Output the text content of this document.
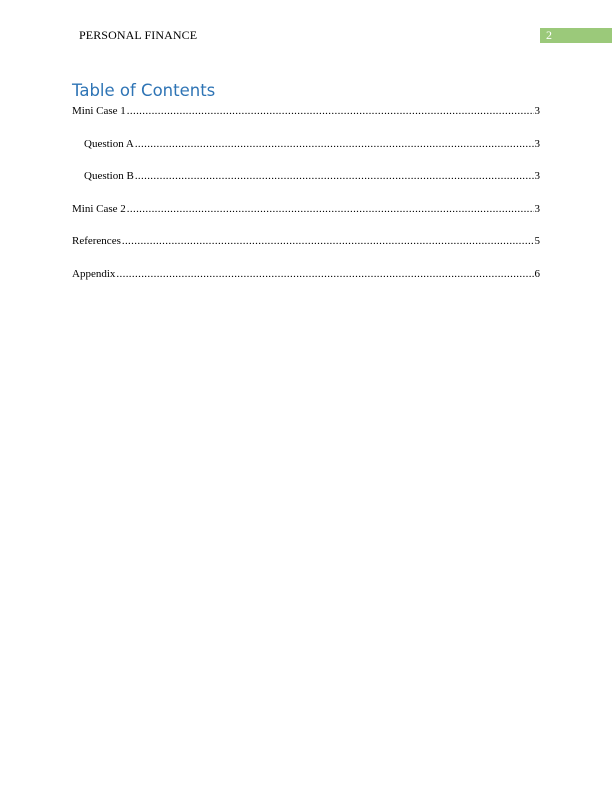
PERSONAL FINANCE	2
Table of Contents
Mini Case 1 .....	3
Question A .....	3
Question B .....	3
Mini Case 2 .....	3
References .....	5
Appendix .....	6
